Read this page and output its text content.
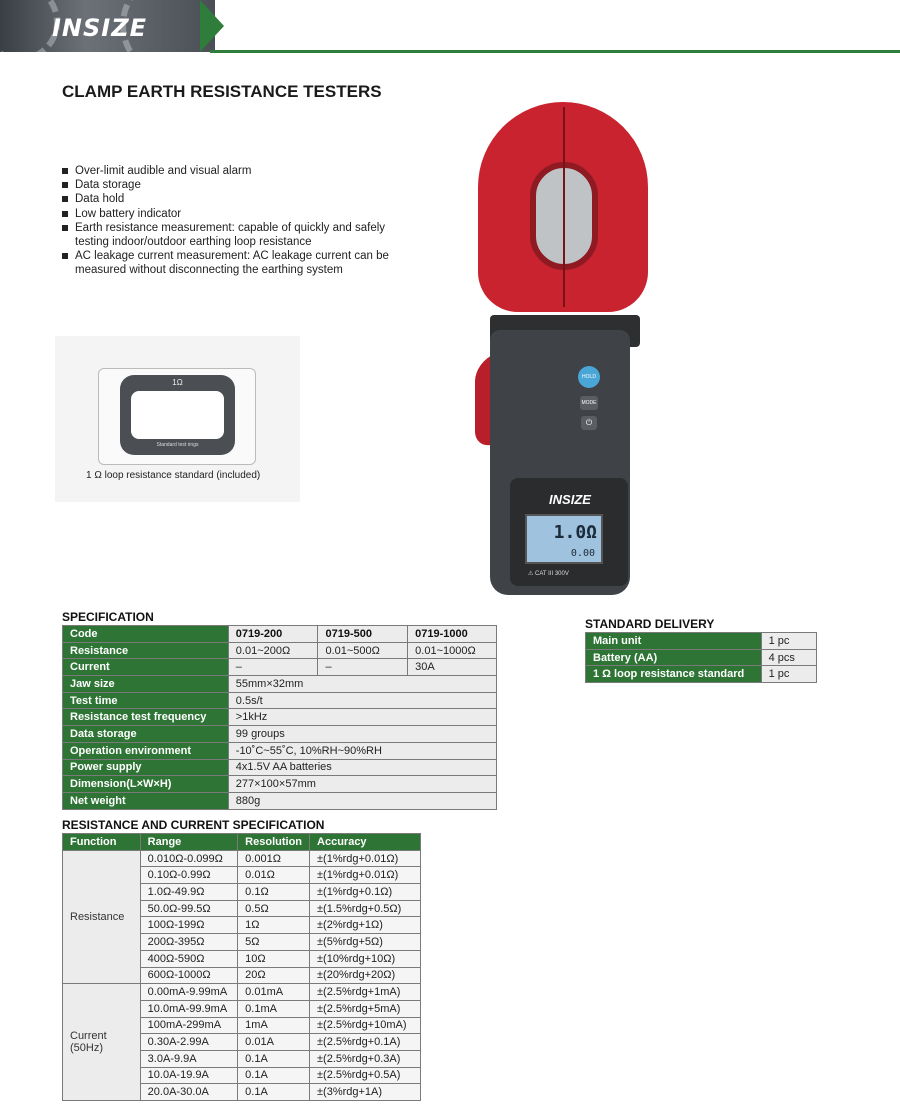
INSIZE
CLAMP EARTH RESISTANCE TESTERS
Over-limit audible and visual alarm
Data storage
Data hold
Low battery indicator
Earth resistance measurement: capable of quickly and safely testing indoor/outdoor earthing loop resistance
AC leakage current measurement: AC leakage current can be measured without disconnecting the earthing system
1Ω
Standard test rings
1 Ω loop resistance standard (included)
HOLD
MODE
⏻
INSIZE
1.0Ω
0.00
⚠ CAT III 300V
SPECIFICATION
Code	0719-200	0719-500	0719-1000
Resistance	0.01~200Ω	0.01~500Ω	0.01~1000Ω
Current	–	–	30A
Jaw size	55mm×32mm		
Test time	0.5s/t		
Resistance test frequency	>1kHz		
Data storage	99 groups		
Operation environment	-10˚C~55˚C, 10%RH~90%RH		
Power supply	4x1.5V AA batteries		
Dimension(L×W×H)	277×100×57mm		
Net weight	880g		
STANDARD DELIVERY
Main unit	1 pc
Battery (AA)	4 pcs
1 Ω loop resistance standard	1 pc
RESISTANCE AND CURRENT SPECIFICATION
Function	Range	Resolution	Accuracy
Resistance	0.010Ω-0.099Ω	0.001Ω	±(1%rdg+0.01Ω)
	0.10Ω-0.99Ω	0.01Ω	±(1%rdg+0.01Ω)
	1.0Ω-49.9Ω	0.1Ω	±(1%rdg+0.1Ω)
	50.0Ω-99.5Ω	0.5Ω	±(1.5%rdg+0.5Ω)
	100Ω-199Ω	1Ω	±(2%rdg+1Ω)
	200Ω-395Ω	5Ω	±(5%rdg+5Ω)
	400Ω-590Ω	10Ω	±(10%rdg+10Ω)
	600Ω-1000Ω	20Ω	±(20%rdg+20Ω)
Current
(50Hz)	0.00mA-9.99mA	0.01mA	±(2.5%rdg+1mA)
	10.0mA-99.9mA	0.1mA	±(2.5%rdg+5mA)
	100mA-299mA	1mA	±(2.5%rdg+10mA)
	0.30A-2.99A	0.01A	±(2.5%rdg+0.1A)
	3.0A-9.9A	0.1A	±(2.5%rdg+0.3A)
	10.0A-19.9A	0.1A	±(2.5%rdg+0.5A)
	20.0A-30.0A	0.1A	±(3%rdg+1A)
